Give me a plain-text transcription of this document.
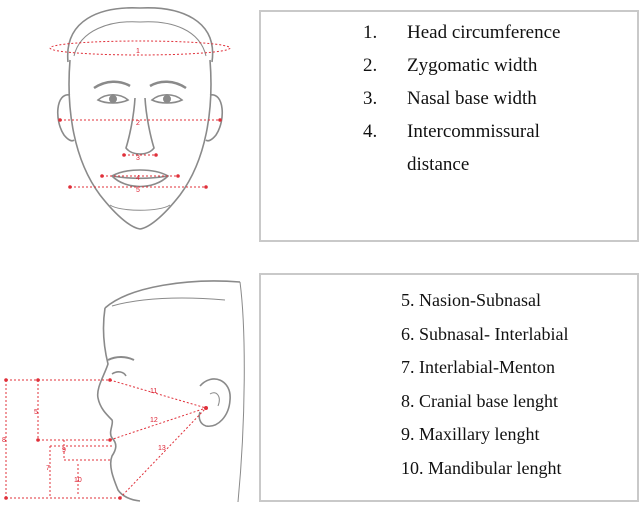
1
2
3
4
5
1. Head circumference
2. Zygomatic width
3. Nasal base width
4. Intercommissural distance
11
12
13
5
8
7
9
10
5. Nasion-Subnasal
6. Subnasal- Interlabial
7. Interlabial-Menton
8. Cranial base lenght
9. Maxillary lenght
10. Mandibular lenght
